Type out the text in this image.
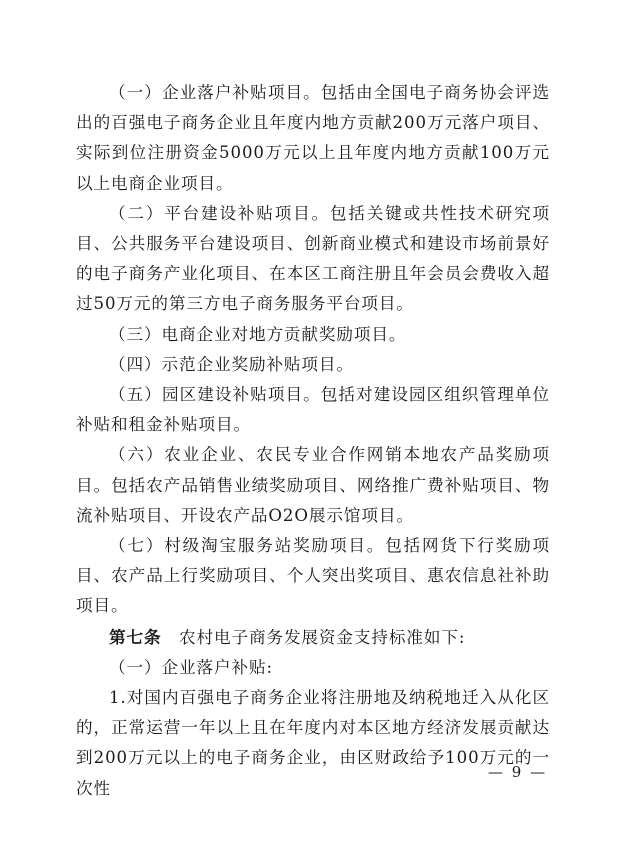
（一）企业落户补贴项目。包括由全国电子商务协会评选出的百强电子商务企业且年度内地方贡献200万元落户项目、实际到位注册资金5000万元以上且年度内地方贡献100万元以上电商企业项目。

（二）平台建设补贴项目。包括关键或共性技术研究项目、公共服务平台建设项目、创新商业模式和建设市场前景好的电子商务产业化项目、在本区工商注册且年会员会费收入超过50万元的第三方电子商务服务平台项目。

（三）电商企业对地方贡献奖励项目。

（四）示范企业奖励补贴项目。

（五）园区建设补贴项目。包括对建设园区组织管理单位补贴和租金补贴项目。

（六）农业企业、农民专业合作网销本地农产品奖励项目。包括农产品销售业绩奖励项目、网络推广费补贴项目、物流补贴项目、开设农产品O2O展示馆项目。

（七）村级淘宝服务站奖励项目。包括网货下行奖励项目、农产品上行奖励项目、个人突出奖项目、惠农信息社补助项目。

第七条　农村电子商务发展资金支持标准如下:

（一）企业落户补贴:

1.对国内百强电子商务企业将注册地及纳税地迁入从化区的，正常运营一年以上且在年度内对本区地方经济发展贡献达到200万元以上的电子商务企业，由区财政给予100万元的一次性

— 9 —
